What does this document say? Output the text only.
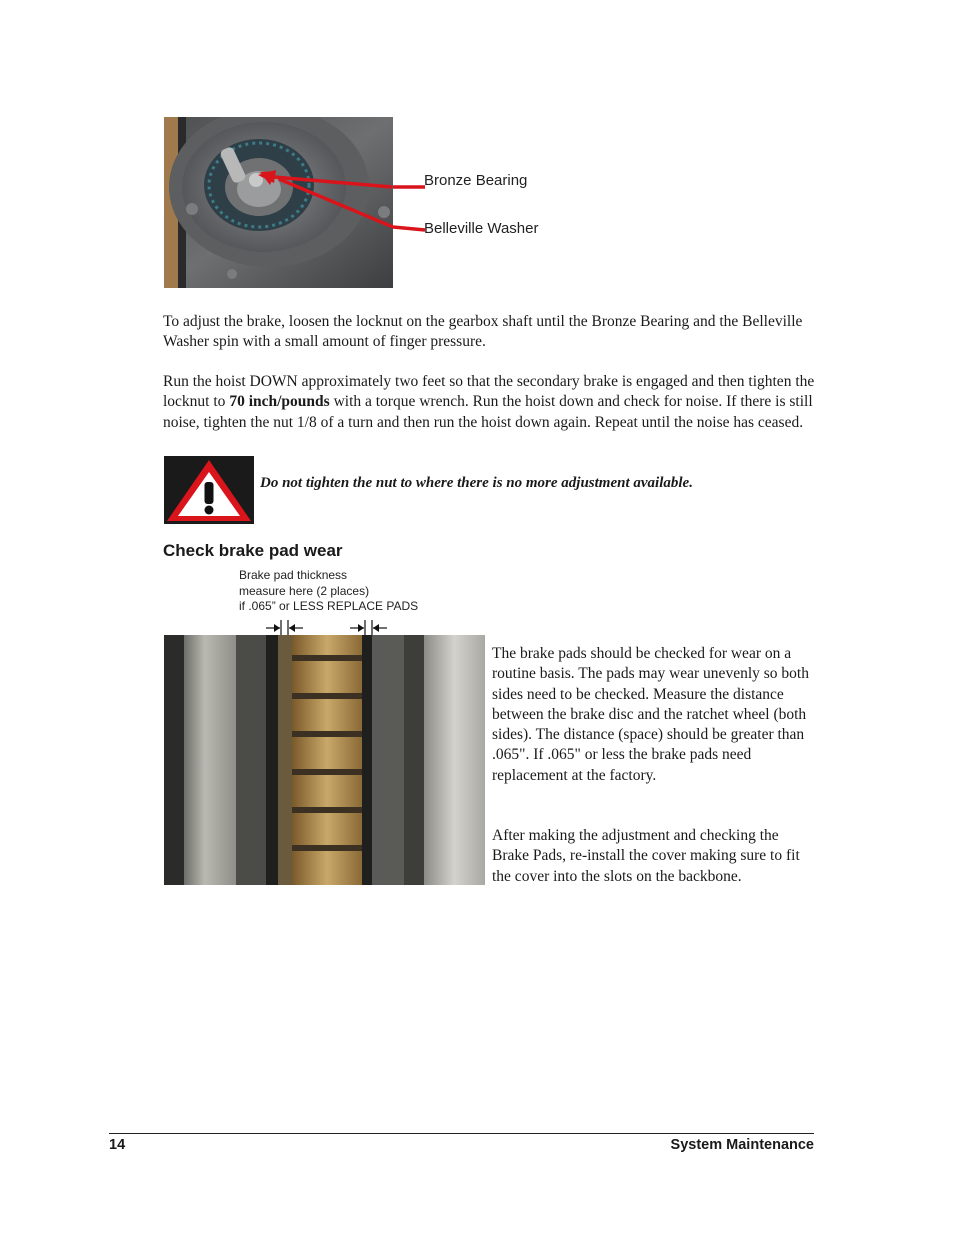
Bronze Bearing
Belleville Washer

To adjust the brake, loosen the locknut on the gearbox shaft until the Bronze Bearing and the Belleville Washer spin with a small amount of finger pressure.

Run the hoist DOWN approximately two feet so that the secondary brake is engaged and then tighten the locknut to 70 inch/pounds with a torque wrench. Run the hoist down and check for noise. If there is still noise, tighten the nut 1/8 of a turn and then run the hoist down again. Repeat until the noise has ceased.

Do not tighten the nut to where there is no more adjustment available.
Check brake pad wear
Brake pad thickness
measure here (2 places)
if .065” or LESS REPLACE PADS

The brake pads should be checked for wear on a routine basis. The pads may wear unevenly so both sides need to be checked. Measure the distance between the brake disc and the ratchet wheel (both sides). The distance (space) should be greater than .065". If .065" or less the brake pads need replacement at the factory.

After making the adjustment and checking the Brake Pads, re-install the cover making sure to fit the cover into the slots on the backbone.

14	System Maintenance
